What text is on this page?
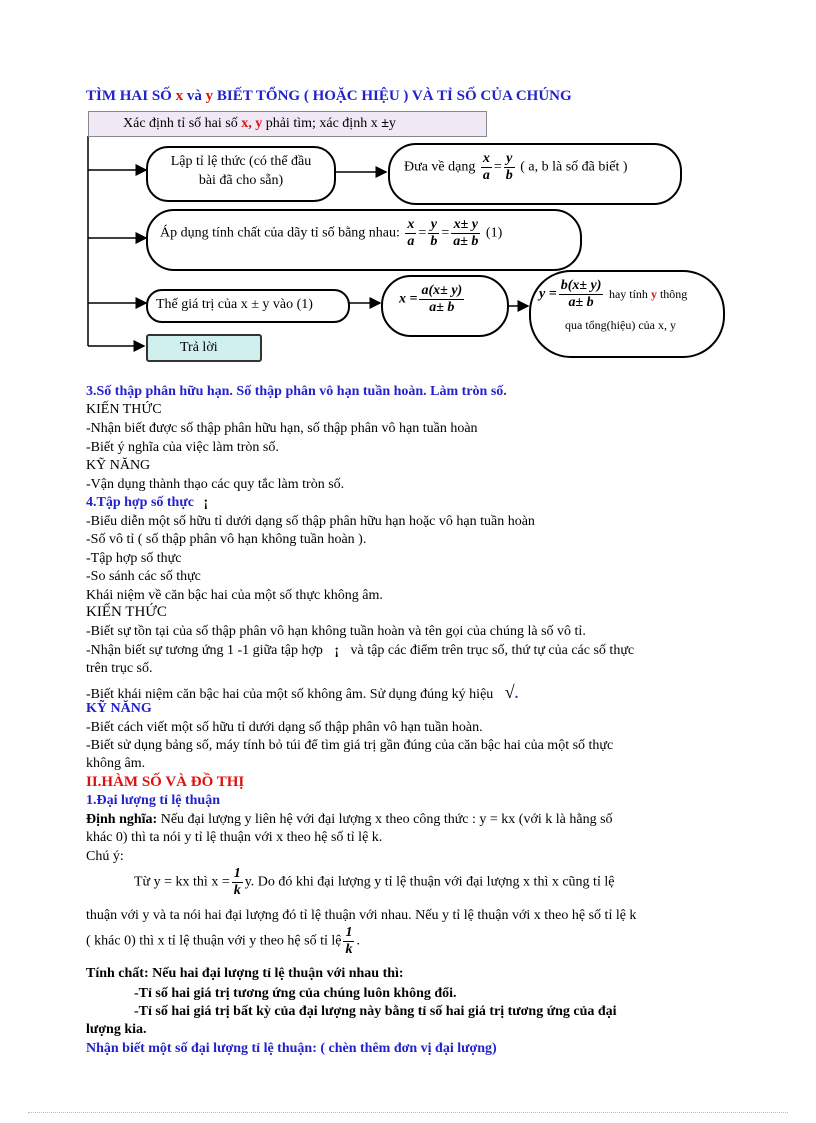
TÌM HAI SỐ x và y BIẾT TỔNG ( HOẶC HIỆU ) VÀ TỈ SỐ CỦA CHÚNG
Xác định tỉ số hai số x, y phải tìm; xác định x ±y
Lập tỉ lệ thức (có thể đầu
bài đã cho sẵn)
Đưa về dạng $\frac{x}{a} = \frac{y}{b}$ ( a, b là số đã biết )
Áp dụng tính chất của dãy tỉ số bằng nhau: $\frac{x}{a} = \frac{y}{b} = \frac{x\pm y}{a\pm b} (1)$
Thế giá trị của x ± y vào (1)	$x = \frac{a(x\pm y)}{a\pm b}$	$y = \frac{b(x\pm y)}{a\pm b}$ hay tính y thông
qua tổng(hiệu) của x, y
Trả lời
3.Số thập phân hữu hạn. Số thập phân vô hạn tuần hoàn. Làm tròn số.
KIẾN THỨC
-Nhận biết được số thập phân hữu hạn, số thập phân vô hạn tuần hoàn
-Biết ý nghĩa của việc làm tròn số.
KỸ NĂNG
-Vận dụng thành thạo các quy tắc làm tròn số.
4.Tập hợp số thực ¡
-Biểu diễn một số hữu tỉ dưới dạng số thập phân hữu hạn hoặc vô hạn tuần hoàn
-Số vô tỉ ( số thập phân vô hạn không tuần hoàn ).
-Tập hợp số thực
-So sánh các số thực
Khái niệm về căn bậc hai của một số thực không âm.
KIẾN THỨC
-Biết sự tồn tại của số thập phân vô hạn không tuần hoàn và tên gọi của chúng là số vô tỉ.
-Nhận biết sự tương ứng 1 -1 giữa tập hợp ¡ và tập các điểm trên trục số, thứ tự của các số thực
trên trục số.
-Biết khái niệm căn bậc hai của một số không âm. Sử dụng đúng ký hiệu √.
KỸ NĂNG
-Biết cách viết một số hữu tỉ dưới dạng số thập phân vô hạn tuần hoàn.
-Biết sử dụng bảng số, máy tính bỏ túi để tìm giá trị gần đúng của căn bậc hai của một số thực
không âm.
II.HÀM SỐ VÀ ĐỒ THỊ
1.Đại lượng tỉ lệ thuận
Định nghĩa: Nếu đại lượng y liên hệ với đại lượng x theo công thức : y = kx (với k là hằng số
khác 0) thì ta nói y tỉ lệ thuận với x theo hệ số tỉ lệ k.
Chú ý:
Từ y = kx thì $x = \frac{1}{k} y$. Do đó khi đại lượng y tỉ lệ thuận với đại lượng x thì x cũng tỉ lệ
thuận với y và ta nói hai đại lượng đó tỉ lệ thuận với nhau. Nếu y tỉ lệ thuận với x theo hệ số tỉ lệ k
( khác 0) thì x tỉ lệ thuận với y theo hệ số tỉ lệ $\frac{1}{k}$ .
Tính chất: Nếu hai đại lượng tỉ lệ thuận với nhau thì:
-Tỉ số hai giá trị tương ứng của chúng luôn không đổi.
-Tỉ số hai giá trị bất kỳ của đại lượng này bằng tỉ số hai giá trị tương ứng của đại
lượng kia.
Nhận biết một số đại lượng tỉ lệ thuận: ( chèn thêm đơn vị đại lượng)
